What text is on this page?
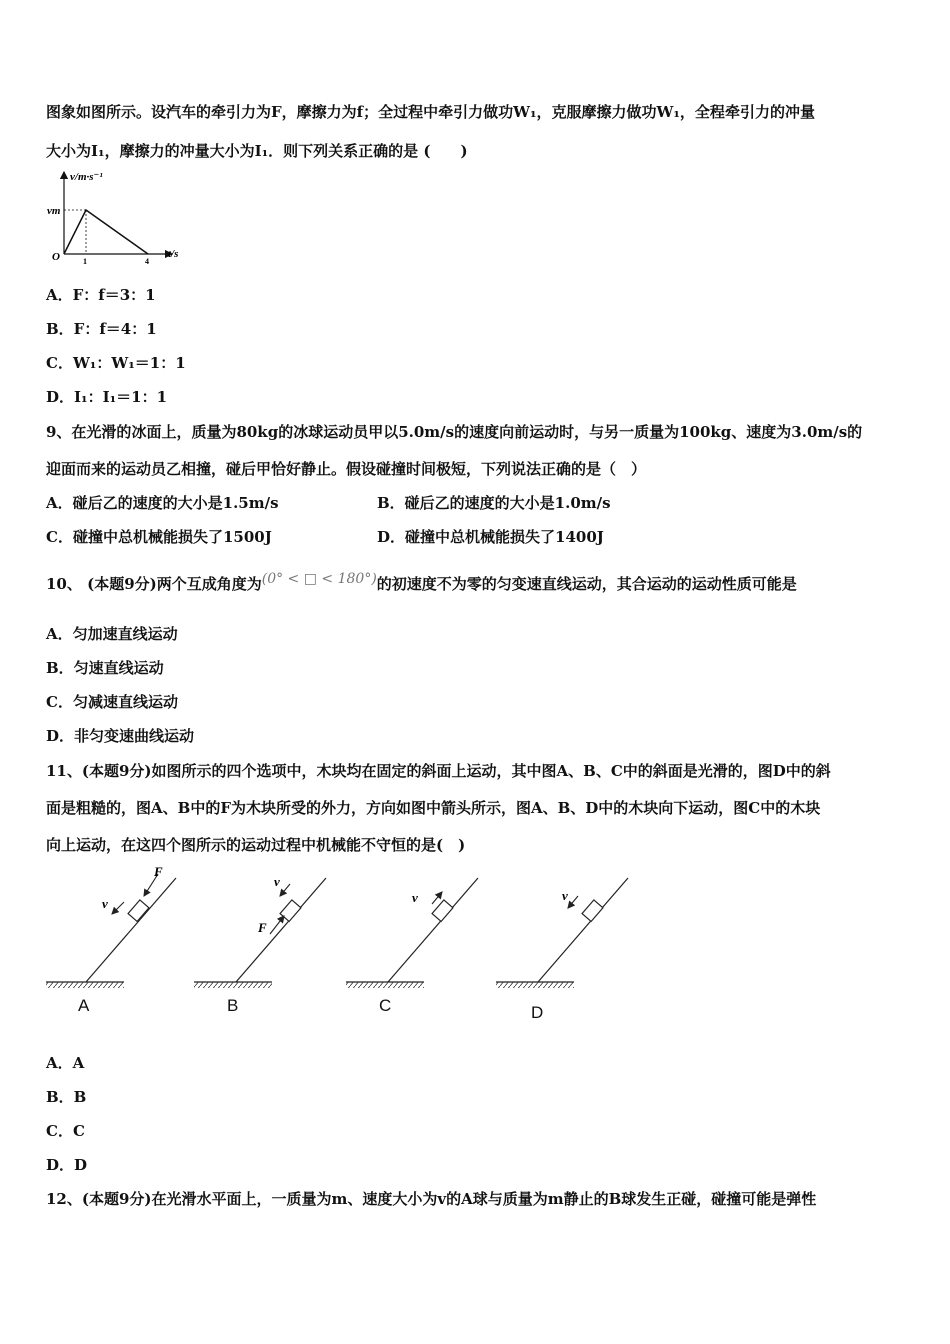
图象如图所示。设汽车的牵引力为F，摩擦力为f；全过程中牵引力做功W₁，克服摩擦力做功W₁，全程牵引力的冲量
大小为I₁，摩擦力的冲量大小为I₁．则下列关系正确的是 (　　)
v/m·s⁻¹
vm
O	t/s
1	4
A．F：f＝3：1
B．F：f＝4：1
C．W₁：W₁＝1：1
D．I₁：I₁＝1：1
9、在光滑的冰面上，质量为80kg的冰球运动员甲以5.0m/s的速度向前运动时，与另一质量为100kg、速度为3.0m/s的
迎面而来的运动员乙相撞，碰后甲恰好静止。假设碰撞时间极短，下列说法正确的是（　）
A．碰后乙的速度的大小是1.5m/s	B．碰后乙的速度的大小是1.0m/s
C．碰撞中总机械能损失了1500J	D．碰撞中总机械能损失了1400J
10、 (本题9分)两个互成角度为(0° < □ < 180°)的初速度不为零的匀变速直线运动，其合运动的运动性质可能是
A．匀加速直线运动
B．匀速直线运动
C．匀减速直线运动
D．非匀变速曲线运动
11、(本题9分)如图所示的四个选项中，木块均在固定的斜面上运动，其中图A、B、C中的斜面是光滑的，图D中的斜
面是粗糙的，图A、B中的F为木块所受的外力，方向如图中箭头所示，图A、B、D中的木块向下运动，图C中的木块
向上运动，在这四个图所示的运动过程中机械能不守恒的是(　)
F
v
F
v
v	v
A	B	C	D
A．A
B．B
C．C
D．D
12、(本题9分)在光滑水平面上，一质量为m、速度大小为v的A球与质量为m静止的B球发生正碰，碰撞可能是弹性
